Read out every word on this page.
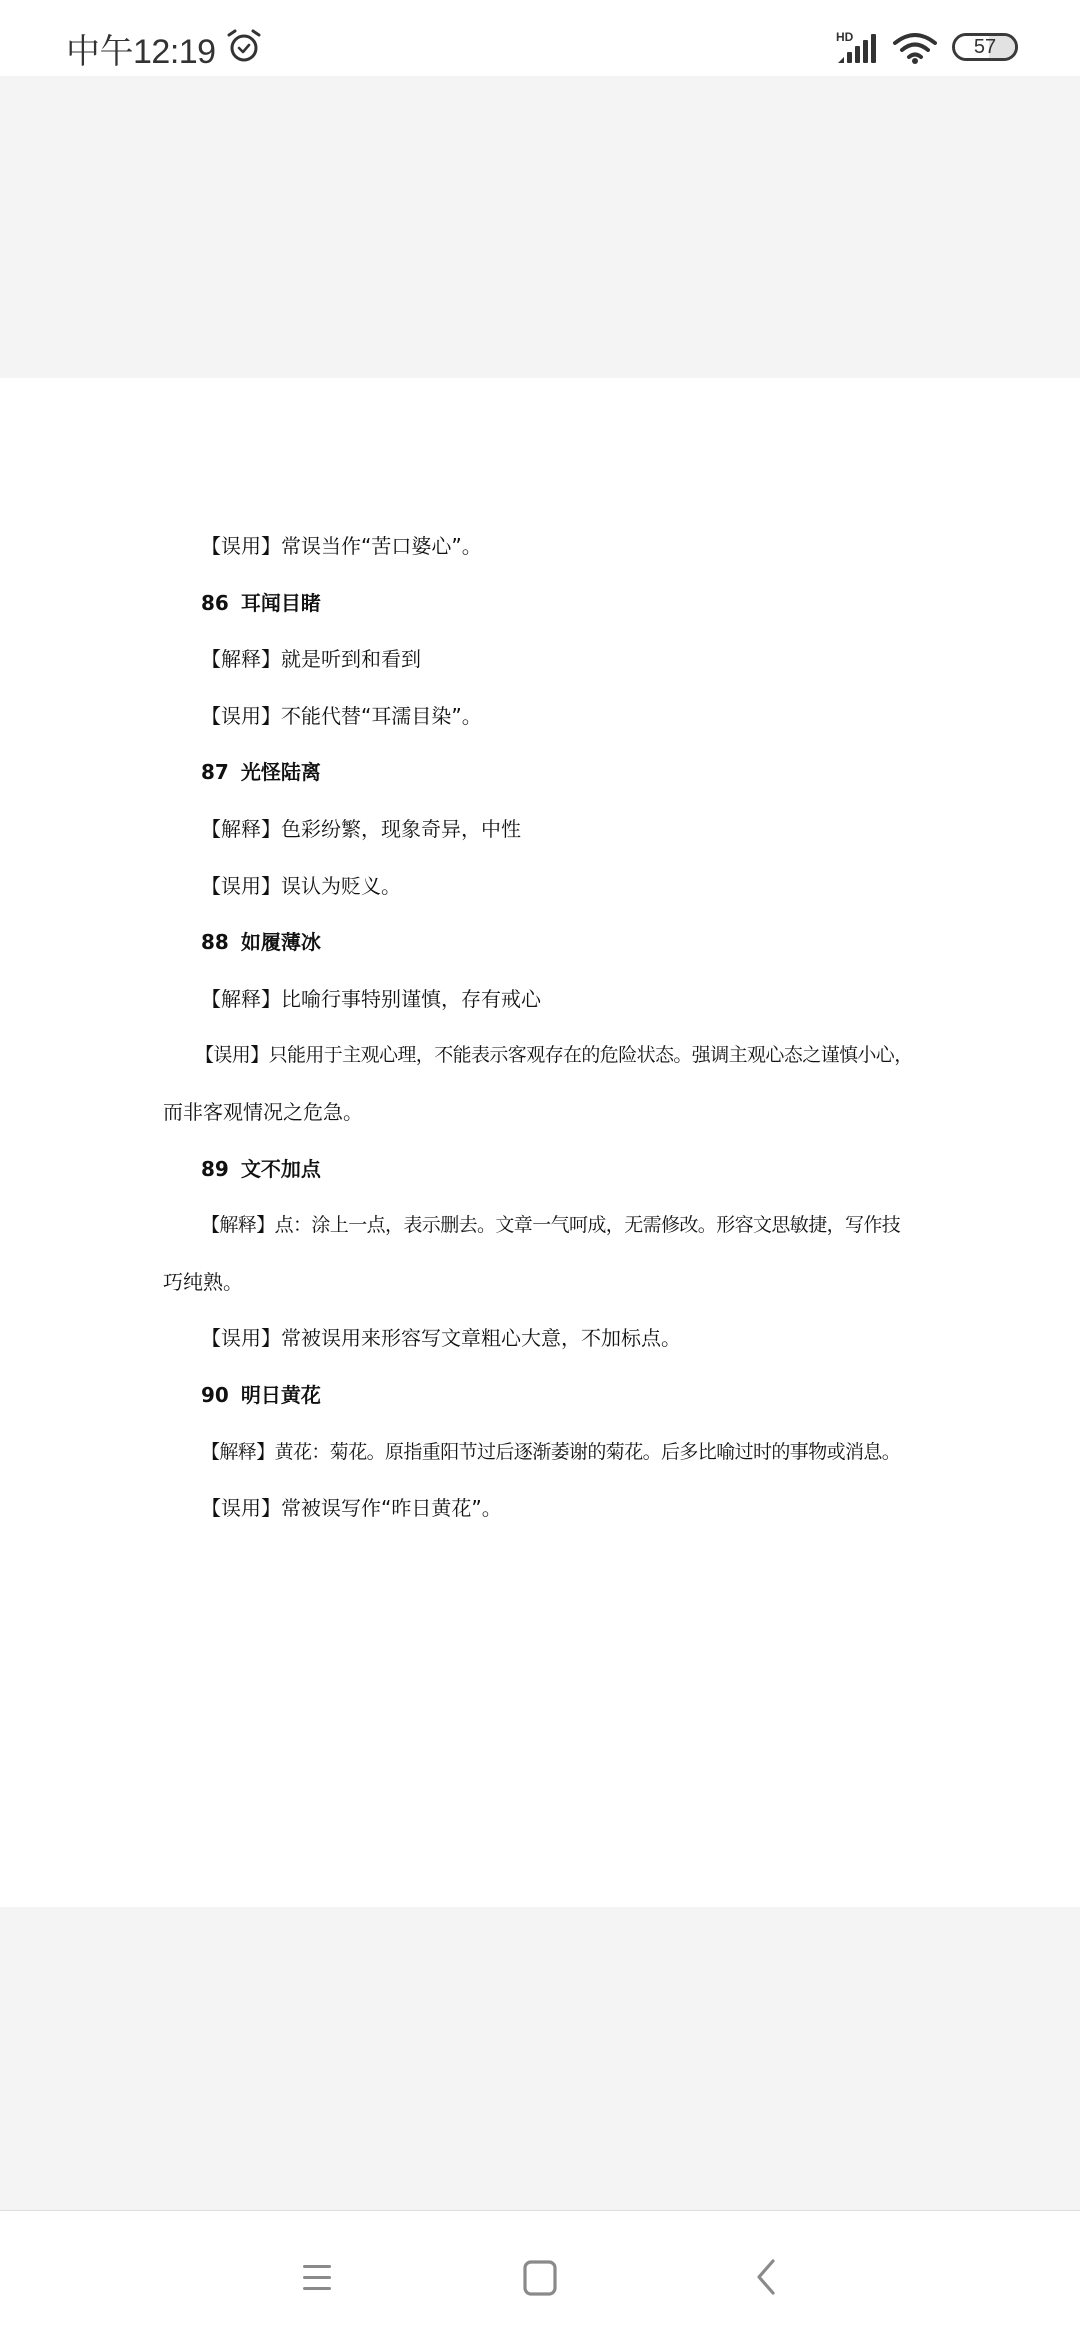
中午12:19	HD	57
【误用】常误当作“苦口婆心”。
86 耳闻目睹
【解释】就是听到和看到
【误用】不能代替“耳濡目染”。
87 光怪陆离
【解释】色彩纷繁，现象奇异，中性
【误用】误认为贬义。
88 如履薄冰
【解释】比喻行事特别谨慎，存有戒心
【误用】只能用于主观心理，不能表示客观存在的危险状态。强调主观心态之谨慎小心，
而非客观情况之危急。
89 文不加点
【解释】点：涂上一点，表示删去。文章一气呵成，无需修改。形容文思敏捷，写作技
巧纯熟。
【误用】常被误用来形容写文章粗心大意，不加标点。
90 明日黄花
【解释】黄花：菊花。原指重阳节过后逐渐萎谢的菊花。后多比喻过时的事物或消息。
【误用】常被误写作“昨日黄花”。
